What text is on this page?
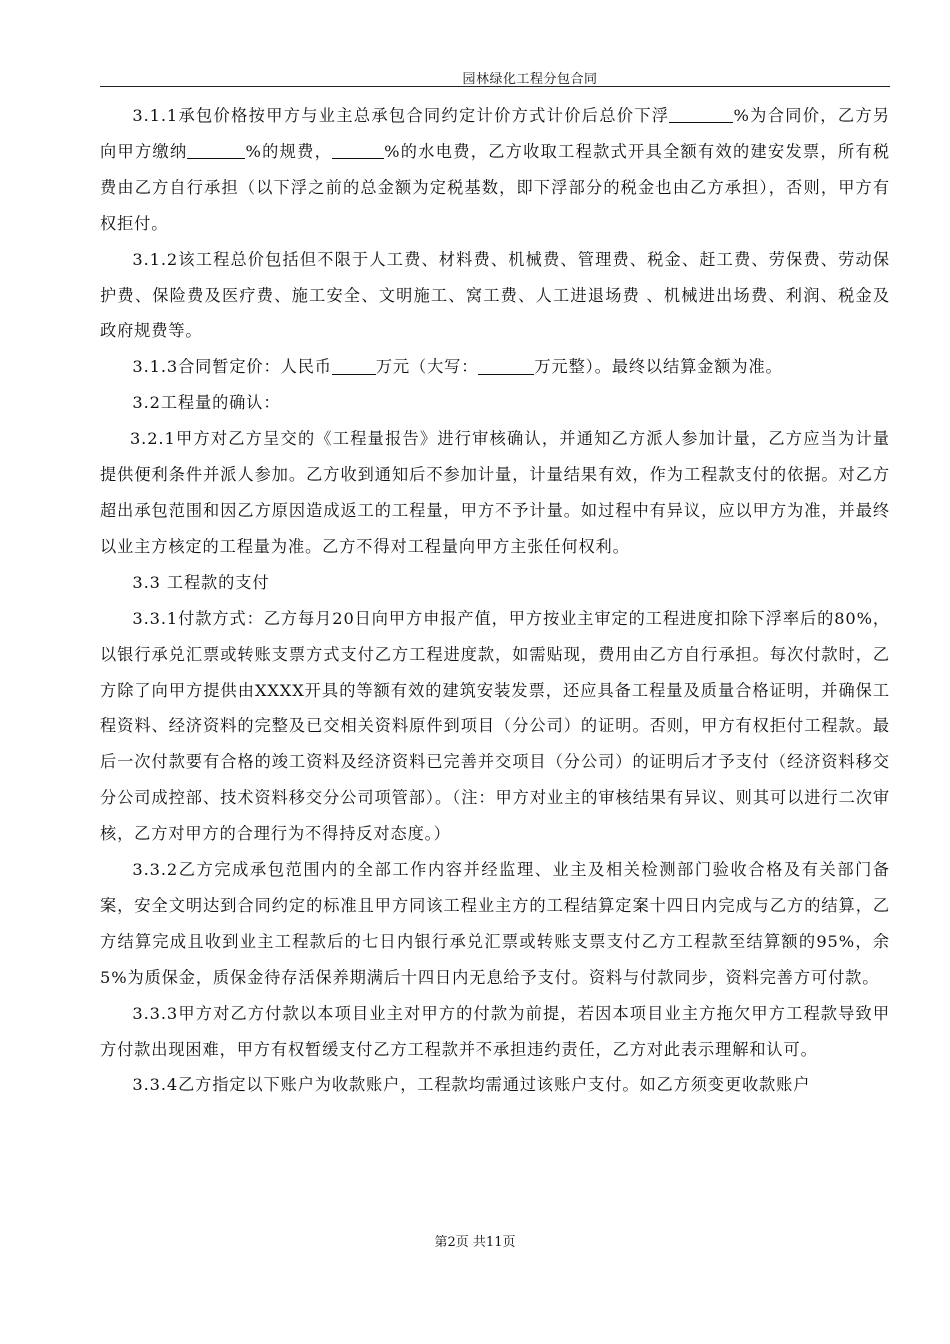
园林绿化工程分包合同

3.1.1承包价格按甲方与业主总承包合同约定计价方式计价后总价下浮	%为合同价，乙方另向甲方缴纳	%的规费，	%的水电费，乙方收取工程款式开具全额有效的建安发票，所有税费由乙方自行承担（以下浮之前的总金额为定税基数，即下浮部分的税金也由乙方承担），否则，甲方有权拒付。

3.1.2该工程总价包括但不限于人工费、材料费、机械费、管理费、税金、赶工费、劳保费、劳动保护费、保险费及医疗费、施工安全、文明施工、窝工费、人工进退场费 、机械进出场费、利润、税金及政府规费等。

3.1.3合同暂定价：人民币	万元（大写：	万元整）。最终以结算金额为准。

3.2工程量的确认：

3.2.1甲方对乙方呈交的《工程量报告》进行审核确认，并通知乙方派人参加计量，乙方应当为计量提供便利条件并派人参加。乙方收到通知后不参加计量，计量结果有效，作为工程款支付的依据。对乙方超出承包范围和因乙方原因造成返工的工程量，甲方不予计量。如过程中有异议，应以甲方为准，并最终以业主方核定的工程量为准。乙方不得对工程量向甲方主张任何权利。

3.3 工程款的支付

3.3.1付款方式：乙方每月20日向甲方申报产值，甲方按业主审定的工程进度扣除下浮率后的80%，以银行承兑汇票或转账支票方式支付乙方工程进度款，如需贴现，费用由乙方自行承担。每次付款时，乙方除了向甲方提供由XXXX开具的等额有效的建筑安装发票，还应具备工程量及质量合格证明，并确保工程资料、经济资料的完整及已交相关资料原件到项目（分公司）的证明。否则，甲方有权拒付工程款。最后一次付款要有合格的竣工资料及经济资料已完善并交项目（分公司）的证明后才予支付（经济资料移交分公司成控部、技术资料移交分公司项管部）。（注：甲方对业主的审核结果有异议、则其可以进行二次审核，乙方对甲方的合理行为不得持反对态度。）

3.3.2乙方完成承包范围内的全部工作内容并经监理、业主及相关检测部门验收合格及有关部门备案，安全文明达到合同约定的标准且甲方同该工程业主方的工程结算定案十四日内完成与乙方的结算，乙方结算完成且收到业主工程款后的七日内银行承兑汇票或转账支票支付乙方工程款至结算额的95%，余5%为质保金，质保金待存活保养期满后十四日内无息给予支付。资料与付款同步，资料完善方可付款。

3.3.3甲方对乙方付款以本项目业主对甲方的付款为前提，若因本项目业主方拖欠甲方工程款导致甲方付款出现困难，甲方有权暂缓支付乙方工程款并不承担违约责任，乙方对此表示理解和认可。

3.3.4乙方指定以下账户为收款账户，工程款均需通过该账户支付。如乙方须变更收款账户

第2页 共11页
